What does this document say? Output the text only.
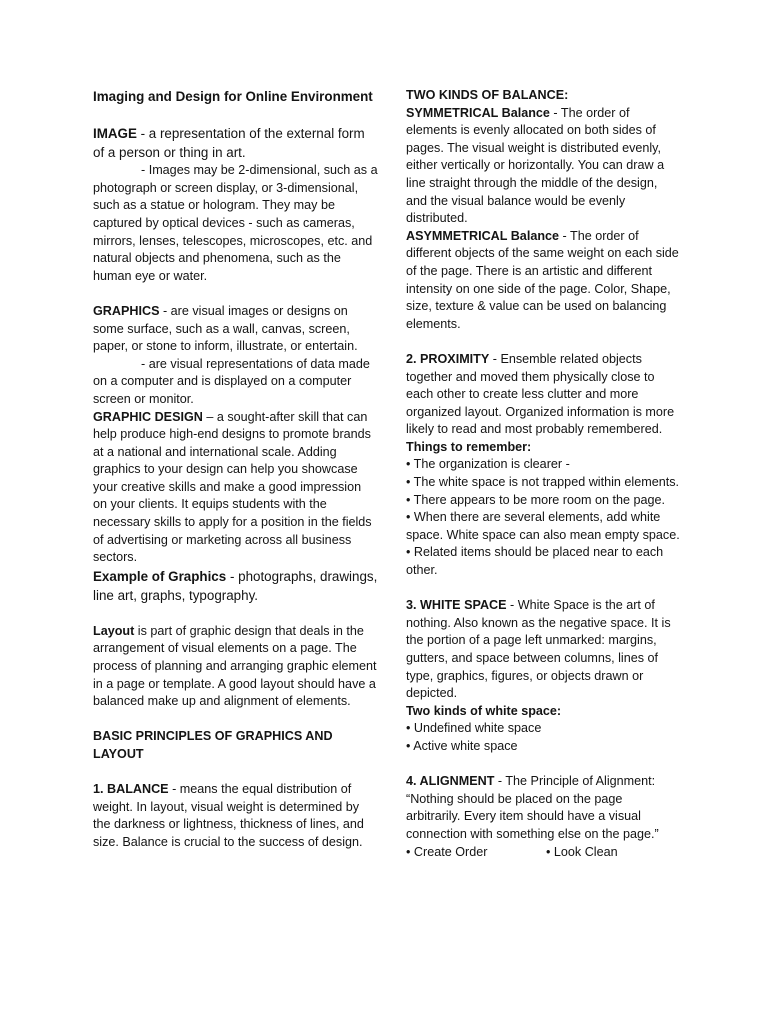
Imaging and Design for Online Environment

IMAGE - a representation of the external form of a person or thing in art.

- Images may be 2-dimensional, such as a photograph or screen display, or 3-dimensional, such as a statue or hologram. They may be captured by optical devices - such as cameras, mirrors, lenses, telescopes, microscopes, etc. and natural objects and phenomena, such as the human eye or water.

GRAPHICS - are visual images or designs on some surface, such as a wall, canvas, screen, paper, or stone to inform, illustrate, or entertain.

- are visual representations of data made on a computer and is displayed on a computer screen or monitor.

GRAPHIC DESIGN – a sought-after skill that can help produce high-end designs to promote brands at a national and international scale. Adding graphics to your design can help you showcase your creative skills and make a good impression on your clients. It equips students with the necessary skills to apply for a position in the fields of advertising or marketing across all business sectors.

Example of Graphics - photographs, drawings, line art, graphs, typography.

Layout is part of graphic design that deals in the arrangement of visual elements on a page. The process of planning and arranging graphic element in a page or template. A good layout should have a balanced make up and alignment of elements.

BASIC PRINCIPLES OF GRAPHICS AND LAYOUT

1. BALANCE - means the equal distribution of weight. In layout, visual weight is determined by the darkness or lightness, thickness of lines, and size. Balance is crucial to the success of design.

TWO KINDS OF BALANCE:

SYMMETRICAL Balance - The order of elements is evenly allocated on both sides of pages. The visual weight is distributed evenly, either vertically or horizontally. You can draw a line straight through the middle of the design, and the visual balance would be evenly distributed.

ASYMMETRICAL Balance - The order of different objects of the same weight on each side of the page. There is an artistic and different intensity on one side of the page. Color, Shape, size, texture & value can be used on balancing elements.

2. PROXIMITY - Ensemble related objects together and moved them physically close to each other to create less clutter and more organized layout. Organized information is more likely to read and most probably remembered.

Things to remember:

• The organization is clearer -
• The white space is not trapped within elements.
• There appears to be more room on the page.
• When there are several elements, add white space. White space can also mean empty space.
• Related items should be placed near to each other.

3. WHITE SPACE - White Space is the art of nothing. Also known as the negative space. It is the portion of a page left unmarked: margins, gutters, and space between columns, lines of type, graphics, figures, or objects drawn or depicted.

Two kinds of white space:

• Undefined white space
• Active white space

4. ALIGNMENT - The Principle of Alignment: “Nothing should be placed on the page arbitrarily. Every item should have a visual connection with something else on the page.”

• Create Order	• Look Clean
